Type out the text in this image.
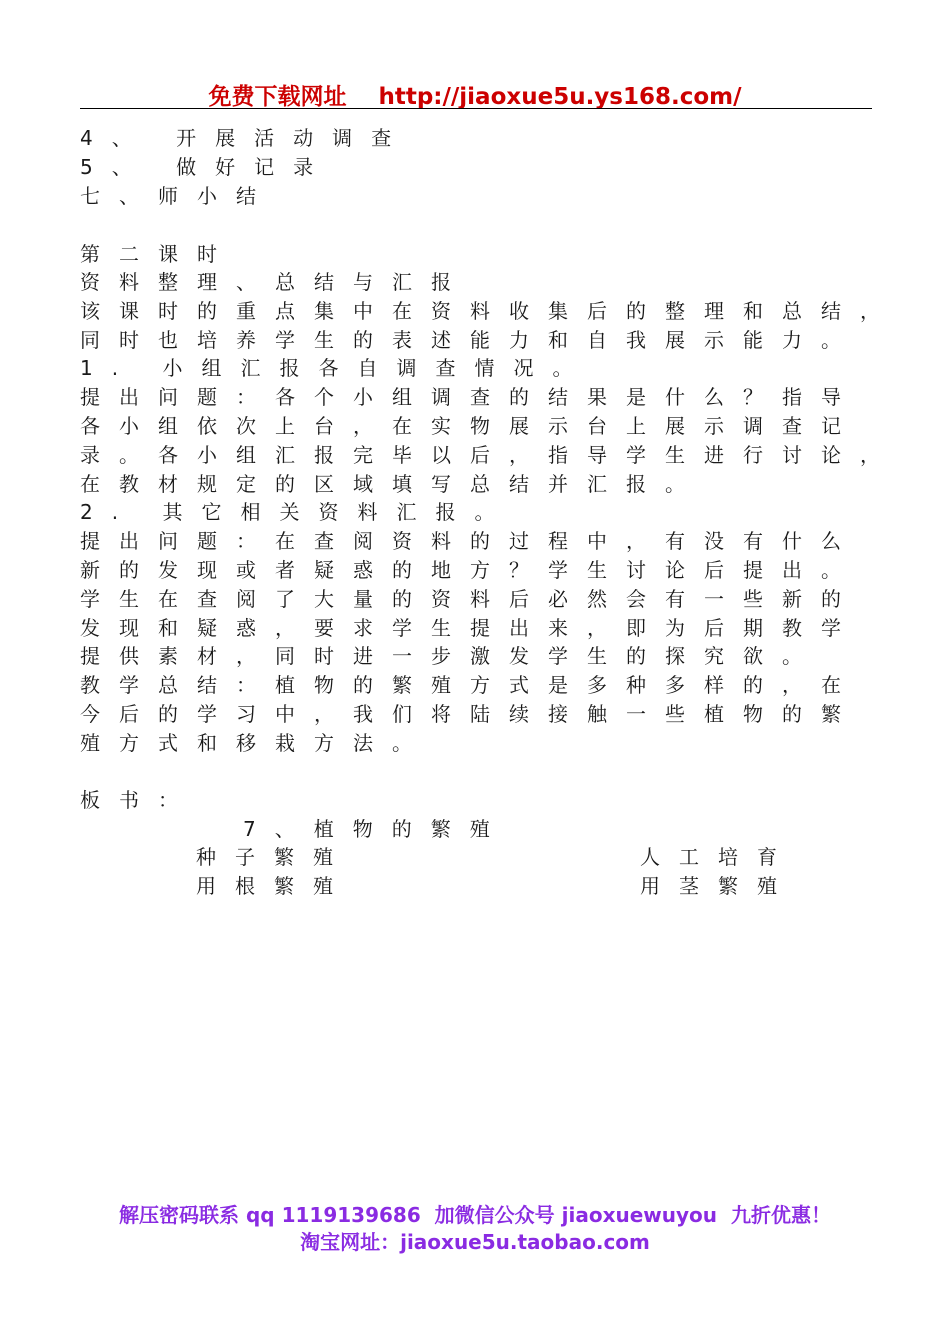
免费下载网址    http://jiaoxue5u.ys168.com/
4、 开展活动调查
5、 做好记录
七、师小结
第二课时
资料整理、总结与汇报
该课时的重点集中在资料收集后的整理和总结，
同时也培养学生的表述能力和自我展示能力。
1. 小组汇报各自调查情况。
提出问题：各个小组调查的结果是什么？指导
各小组依次上台，在实物展示台上展示调查记
录。各小组汇报完毕以后，指导学生进行讨论，
在教材规定的区域填写总结并汇报。
2. 其它相关资料汇报。
提出问题：在查阅资料的过程中，有没有什么
新的发现或者疑惑的地方？学生讨论后提出。
学生在查阅了大量的资料后必然会有一些新的
发现和疑惑，要求学生提出来，即为后期教学
提供素材，同时进一步激发学生的探究欲。
教学总结：植物的繁殖方式是多种多样的，在
今后的学习中，我们将陆续接触一些植物的繁
殖方式和移栽方法。
板书：
7、植物的繁殖
种子繁殖	人工培育
用根繁殖	用茎繁殖
解压密码联系 qq 1119139686  加微信公众号 jiaoxuewuyou  九折优惠！
淘宝网址：jiaoxue5u.taobao.com
